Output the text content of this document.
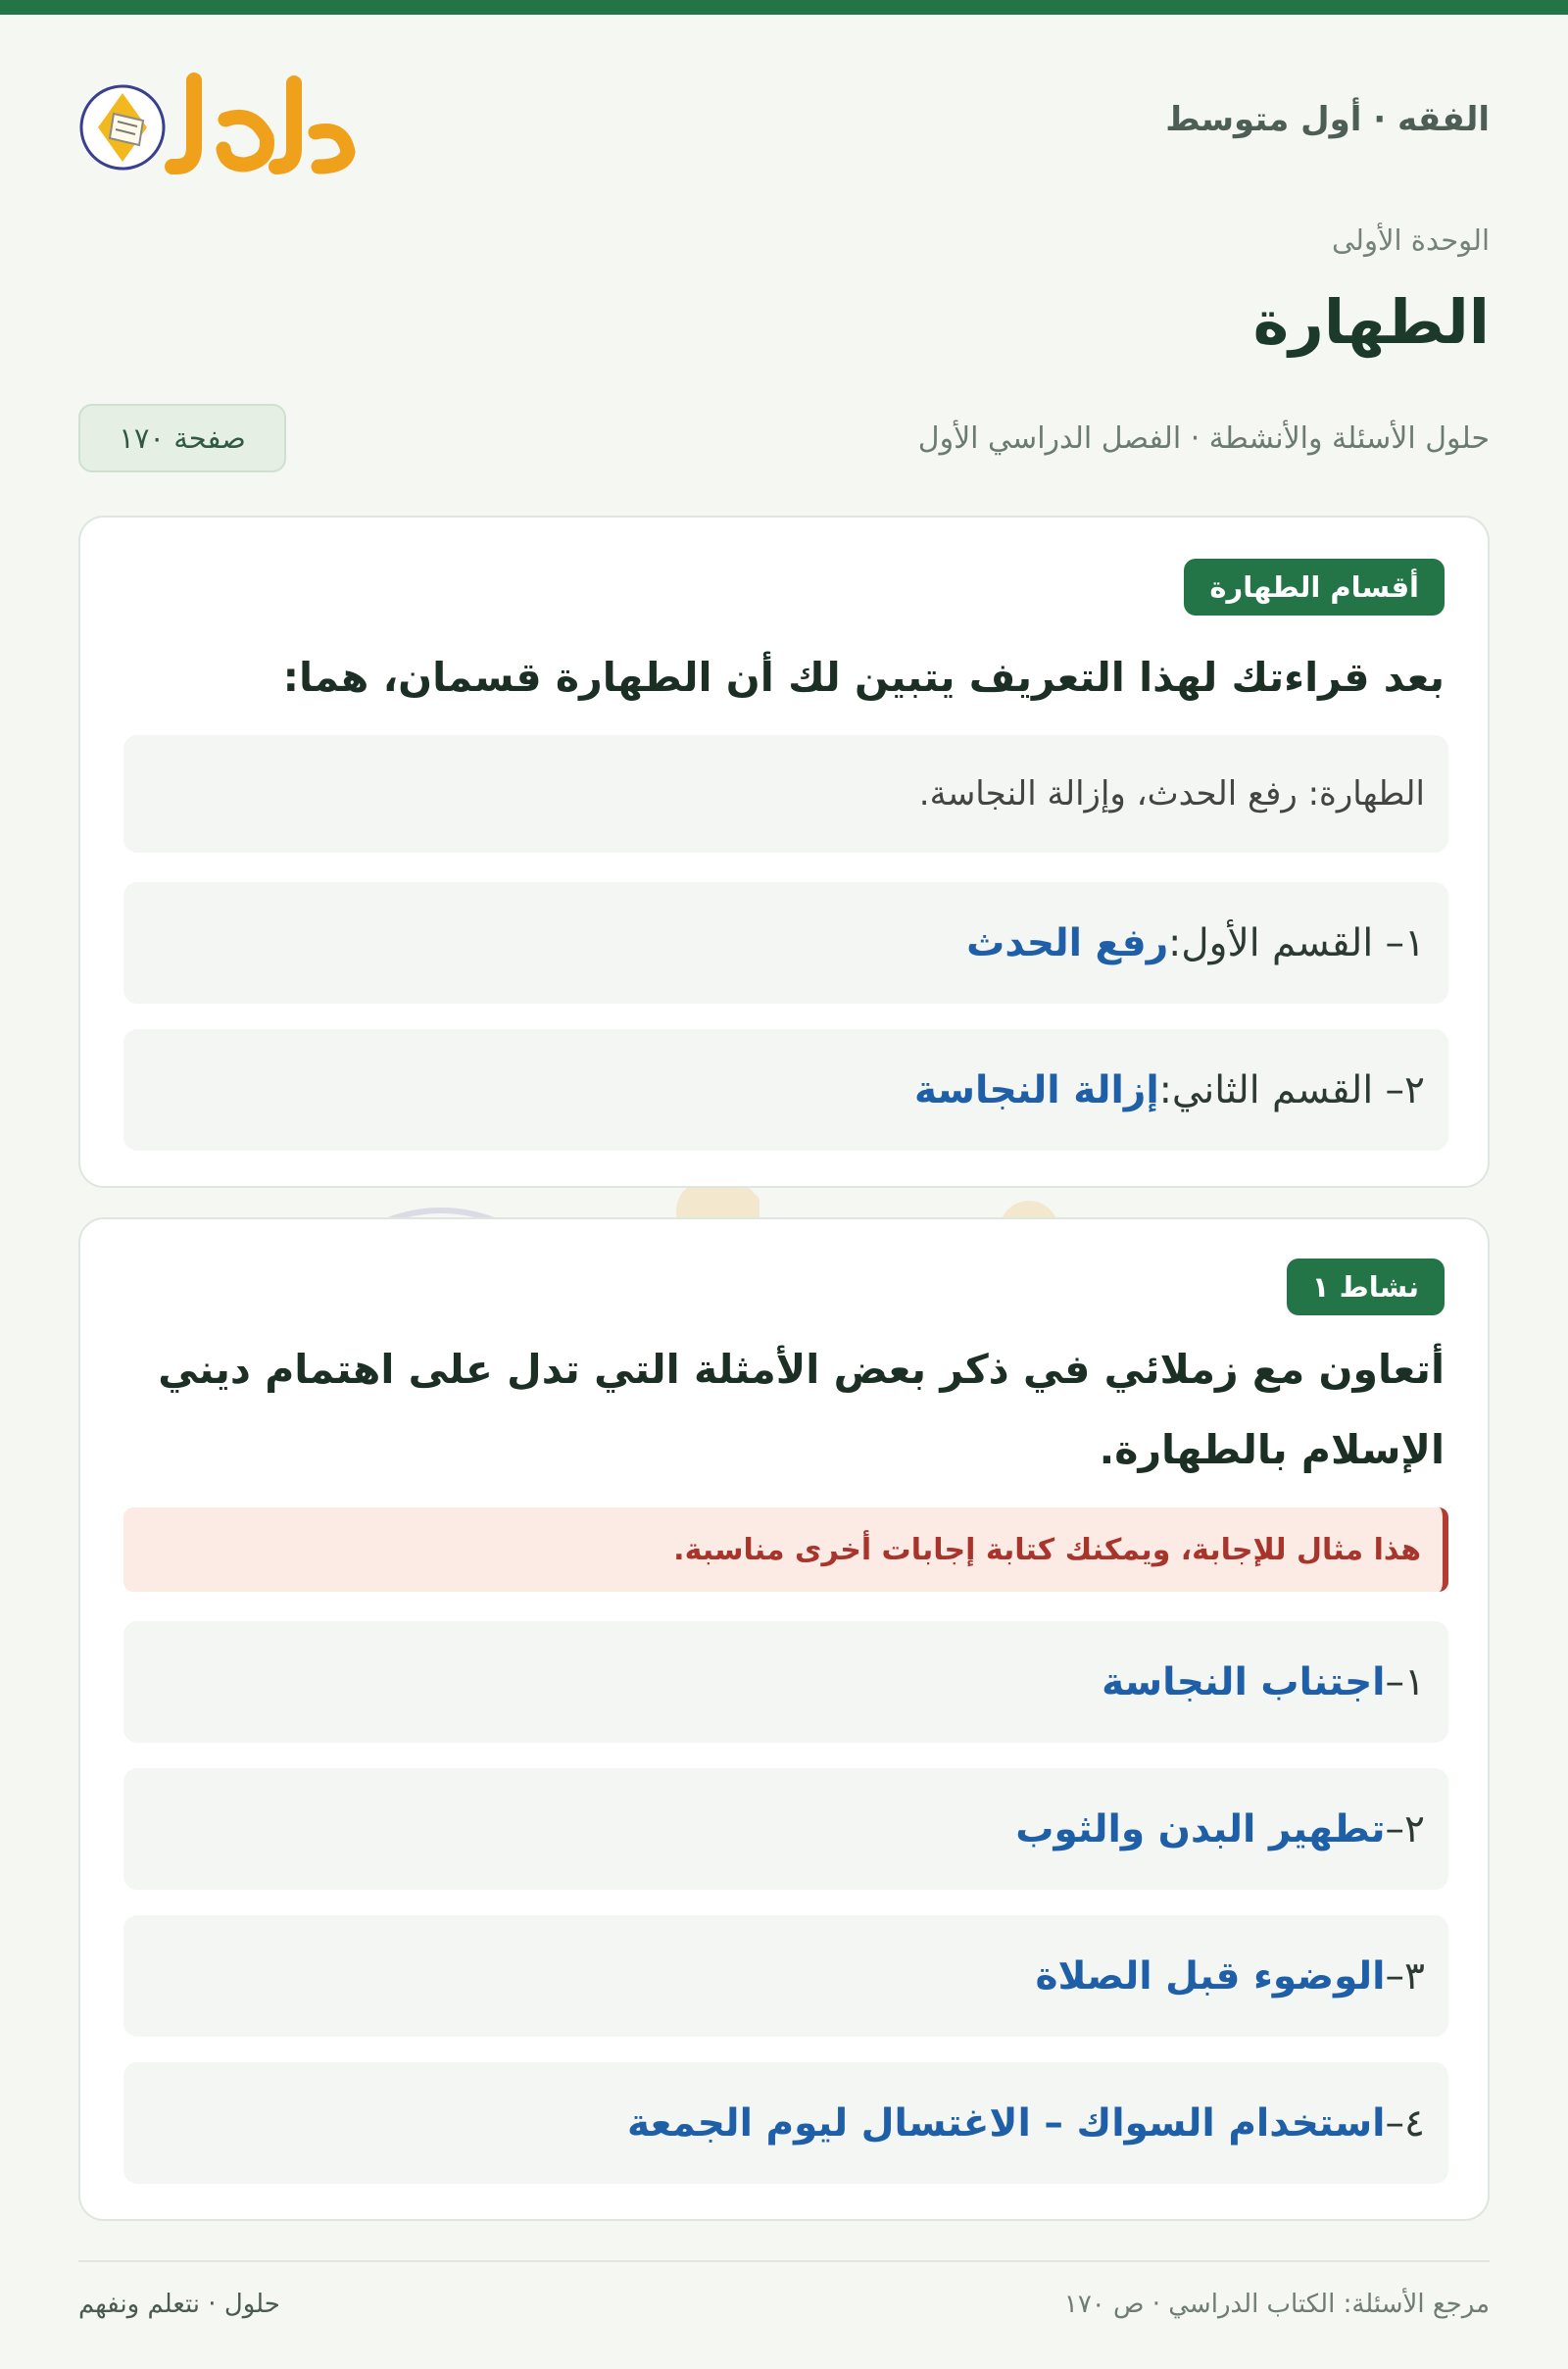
الفقه · أول متوسط
الوحدة الأولى
الطهارة
حلول الأسئلة والأنشطة · الفصل الدراسي الأول
صفحة ١٧٠
أقسام الطهارة
بعد قراءتك لهذا التعريف يتبين لك أن الطهارة قسمان، هما:
الطهارة: رفع الحدث، وإزالة النجاسة.
١– القسم الأول:
رفع الحدث
٢– القسم الثاني:
إزالة النجاسة
نشاط ١
أتعاون مع زملائي في ذكر بعض الأمثلة التي تدل على اهتمام ديني
الإسلام بالطهارة.
هذا مثال للإجابة، ويمكنك كتابة إجابات أخرى مناسبة.
١–
اجتناب النجاسة
٢–
تطهير البدن والثوب
٣–
الوضوء قبل الصلاة
٤–
استخدام السواك – الاغتسال ليوم الجمعة
مرجع الأسئلة: الكتاب الدراسي · ص ١٧٠
حلول · نتعلم ونفهم
